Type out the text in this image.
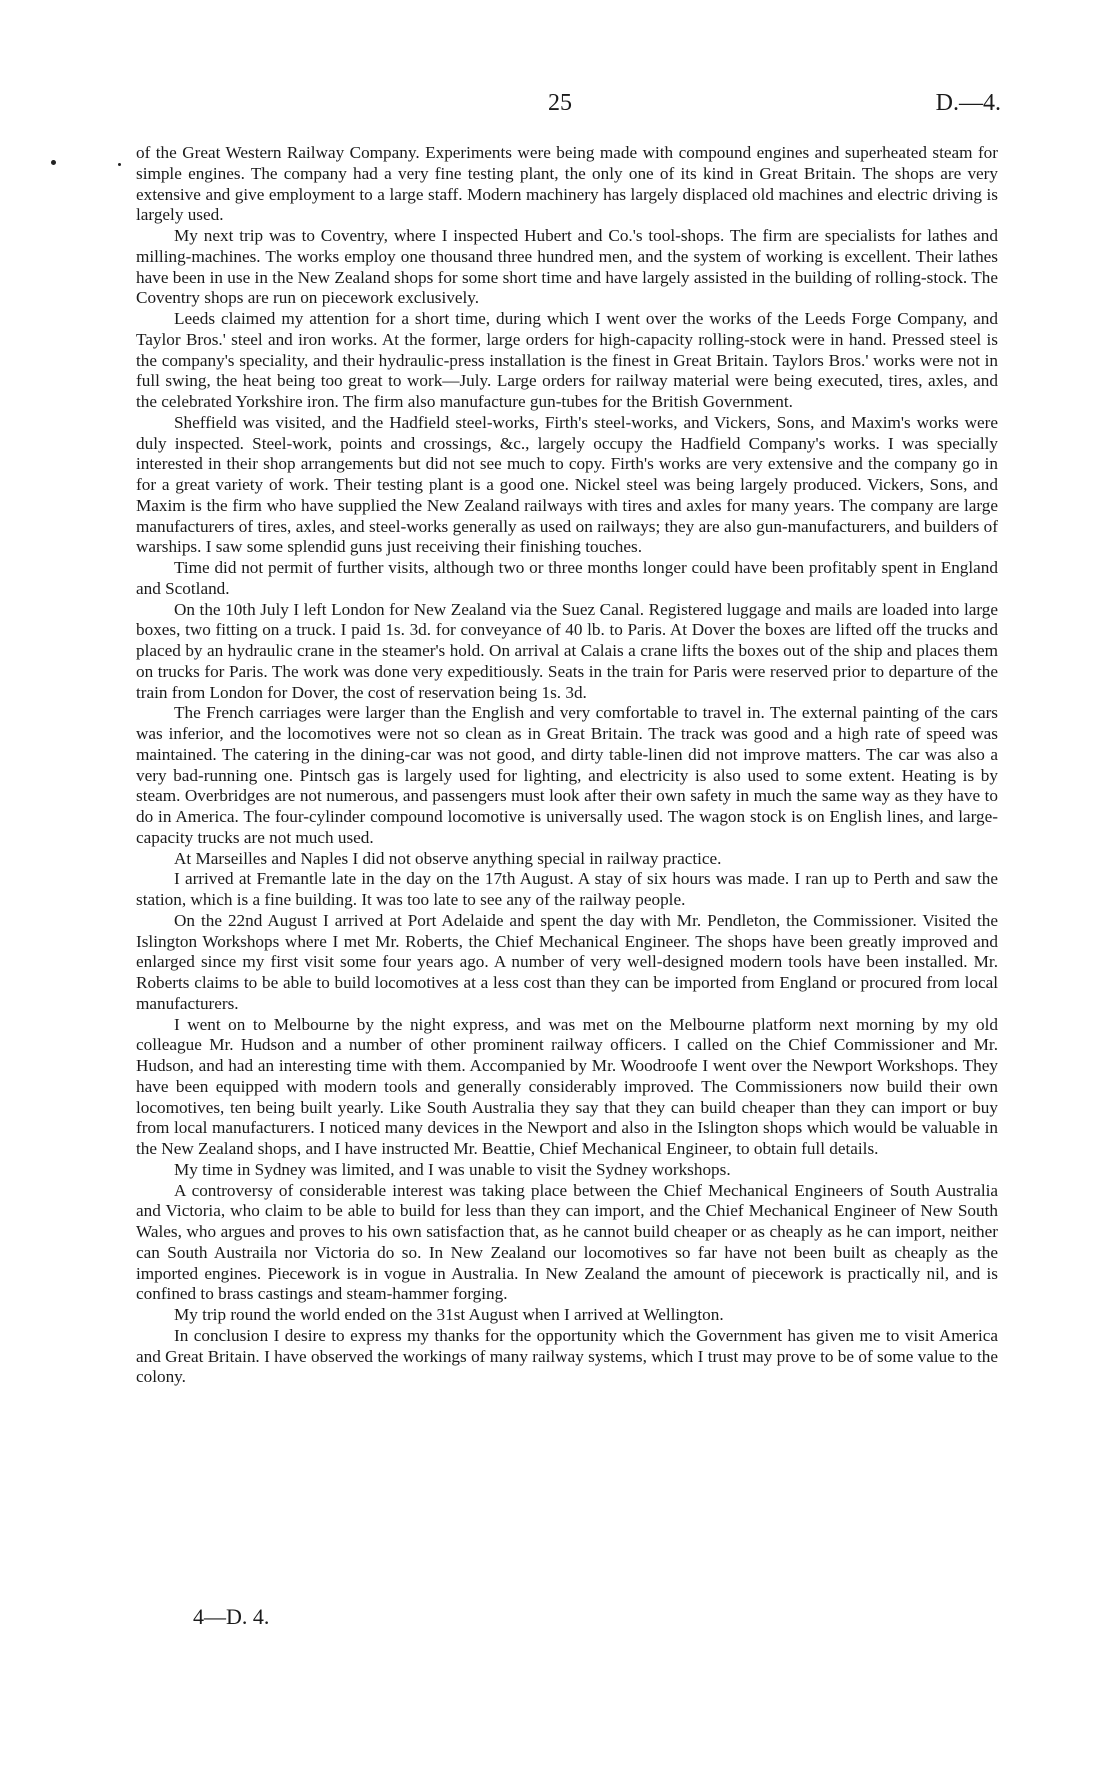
25	D.—4.

of the Great Western Railway Company. Experiments were being made with compound engines and superheated steam for simple engines. The company had a very fine testing plant, the only one of its kind in Great Britain. The shops are very extensive and give employment to a large staff. Modern machinery has largely displaced old machines and electric driving is largely used.

My next trip was to Coventry, where I inspected Hubert and Co.'s tool-shops. The firm are specialists for lathes and milling-machines. The works employ one thousand three hundred men, and the system of working is excellent. Their lathes have been in use in the New Zealand shops for some short time and have largely assisted in the building of rolling-stock. The Coventry shops are run on piecework exclusively.

Leeds claimed my attention for a short time, during which I went over the works of the Leeds Forge Company, and Taylor Bros.' steel and iron works. At the former, large orders for high-capacity rolling-stock were in hand. Pressed steel is the company's speciality, and their hydraulic-press installation is the finest in Great Britain. Taylors Bros.' works were not in full swing, the heat being too great to work—July. Large orders for railway material were being executed, tires, axles, and the celebrated Yorkshire iron. The firm also manufacture gun-tubes for the British Government.

Sheffield was visited, and the Hadfield steel-works, Firth's steel-works, and Vickers, Sons, and Maxim's works were duly inspected. Steel-work, points and crossings, &c., largely occupy the Hadfield Company's works. I was specially interested in their shop arrangements but did not see much to copy. Firth's works are very extensive and the company go in for a great variety of work. Their testing plant is a good one. Nickel steel was being largely produced. Vickers, Sons, and Maxim is the firm who have supplied the New Zealand railways with tires and axles for many years. The company are large manufacturers of tires, axles, and steel-works generally as used on railways; they are also gun-manufacturers, and builders of warships. I saw some splendid guns just receiving their finishing touches.

Time did not permit of further visits, although two or three months longer could have been profitably spent in England and Scotland.

On the 10th July I left London for New Zealand via the Suez Canal. Registered luggage and mails are loaded into large boxes, two fitting on a truck. I paid 1s. 3d. for conveyance of 40 lb. to Paris. At Dover the boxes are lifted off the trucks and placed by an hydraulic crane in the steamer's hold. On arrival at Calais a crane lifts the boxes out of the ship and places them on trucks for Paris. The work was done very expeditiously. Seats in the train for Paris were reserved prior to departure of the train from London for Dover, the cost of reservation being 1s. 3d.

The French carriages were larger than the English and very comfortable to travel in. The external painting of the cars was inferior, and the locomotives were not so clean as in Great Britain. The track was good and a high rate of speed was maintained. The catering in the dining-car was not good, and dirty table-linen did not improve matters. The car was also a very bad-running one. Pintsch gas is largely used for lighting, and electricity is also used to some extent. Heating is by steam. Overbridges are not numerous, and passengers must look after their own safety in much the same way as they have to do in America. The four-cylinder compound locomotive is universally used. The wagon stock is on English lines, and large-capacity trucks are not much used.

At Marseilles and Naples I did not observe anything special in railway practice.

I arrived at Fremantle late in the day on the 17th August. A stay of six hours was made. I ran up to Perth and saw the station, which is a fine building. It was too late to see any of the railway people.

On the 22nd August I arrived at Port Adelaide and spent the day with Mr. Pendleton, the Commissioner. Visited the Islington Workshops where I met Mr. Roberts, the Chief Mechanical Engineer. The shops have been greatly improved and enlarged since my first visit some four years ago. A number of very well-designed modern tools have been installed. Mr. Roberts claims to be able to build locomotives at a less cost than they can be imported from England or procured from local manufacturers.

I went on to Melbourne by the night express, and was met on the Melbourne platform next morning by my old colleague Mr. Hudson and a number of other prominent railway officers. I called on the Chief Commissioner and Mr. Hudson, and had an interesting time with them. Accompanied by Mr. Woodroofe I went over the Newport Workshops. They have been equipped with modern tools and generally considerably improved. The Commissioners now build their own locomotives, ten being built yearly. Like South Australia they say that they can build cheaper than they can import or buy from local manufacturers. I noticed many devices in the Newport and also in the Islington shops which would be valuable in the New Zealand shops, and I have instructed Mr. Beattie, Chief Mechanical Engineer, to obtain full details.

My time in Sydney was limited, and I was unable to visit the Sydney workshops.

A controversy of considerable interest was taking place between the Chief Mechanical Engineers of South Australia and Victoria, who claim to be able to build for less than they can import, and the Chief Mechanical Engineer of New South Wales, who argues and proves to his own satisfaction that, as he cannot build cheaper or as cheaply as he can import, neither can South Austraila nor Victoria do so. In New Zealand our locomotives so far have not been built as cheaply as the imported engines. Piecework is in vogue in Australia. In New Zealand the amount of piecework is practically nil, and is confined to brass castings and steam-hammer forging.

My trip round the world ended on the 31st August when I arrived at Wellington.

In conclusion I desire to express my thanks for the opportunity which the Government has given me to visit America and Great Britain. I have observed the workings of many railway systems, which I trust may prove to be of some value to the colony.

4—D. 4.
